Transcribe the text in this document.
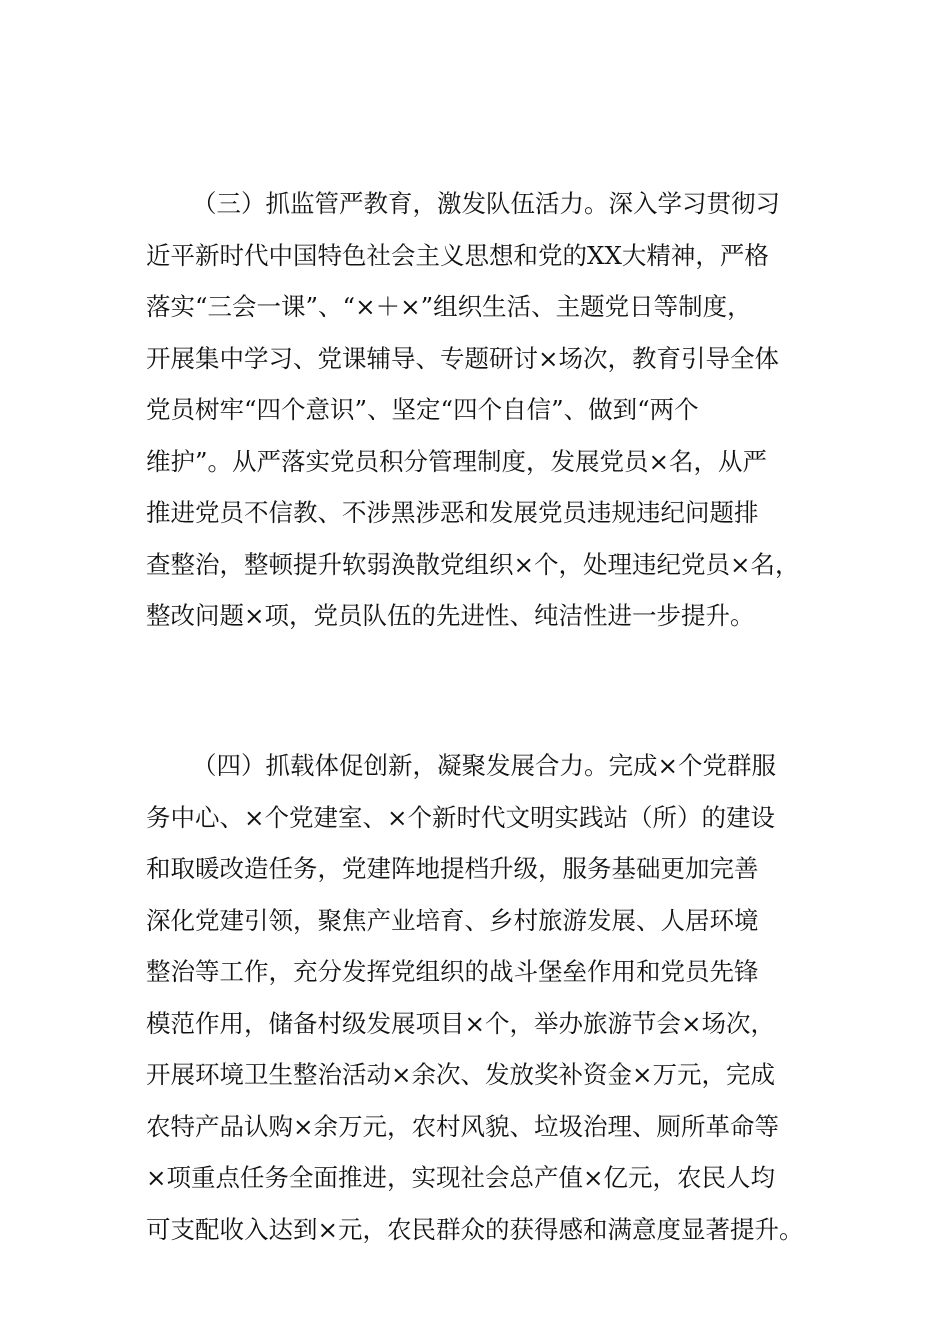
（三）抓监管严教育，激发队伍活力。深入学习贯彻习
近平新时代中国特色社会主义思想和党的XX大精神，严格
落实“三会一课”、“×＋×”组织生活、主题党日等制度，
开展集中学习、党课辅导、专题研讨×场次，教育引导全体
党员树牢“四个意识”、坚定“四个自信”、做到“两个
维护”。从严落实党员积分管理制度，发展党员×名，从严
推进党员不信教、不涉黑涉恶和发展党员违规违纪问题排
查整治，整顿提升软弱涣散党组织×个，处理违纪党员×名，
整改问题×项，党员队伍的先进性、纯洁性进一步提升。
（四）抓载体促创新，凝聚发展合力。完成×个党群服
务中心、×个党建室、×个新时代文明实践站（所）的建设
和取暖改造任务，党建阵地提档升级，服务基础更加完善
深化党建引领，聚焦产业培育、乡村旅游发展、人居环境
整治等工作，充分发挥党组织的战斗堡垒作用和党员先锋
模范作用，储备村级发展项目×个，举办旅游节会×场次，
开展环境卫生整治活动×余次、发放奖补资金×万元，完成
农特产品认购×余万元，农村风貌、垃圾治理、厕所革命等
×项重点任务全面推进，实现社会总产值×亿元，农民人均
可支配收入达到×元，农民群众的获得感和满意度显著提升。
